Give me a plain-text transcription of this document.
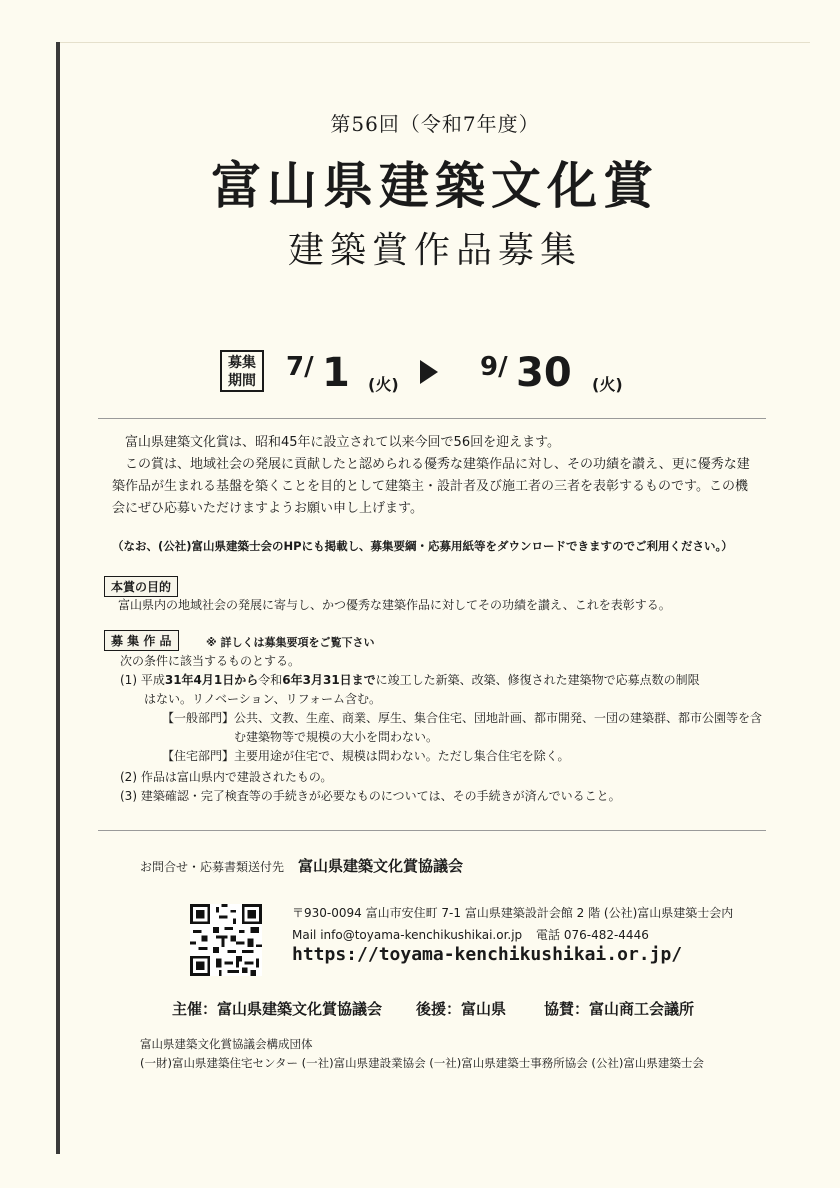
第56回（令和7年度）
富山県建築文化賞
建築賞作品募集
募集
期間 7/ 1 (火)
9/ 30 (火)

富山県建築文化賞は、昭和45年に設立されて以来今回で56回を迎えます。

この賞は、地域社会の発展に貢献したと認められる優秀な建築作品に対し、その功績を讃え、更に優秀な建築作品が生まれる基盤を築くことを目的として建築主・設計者及び施工者の三者を表彰するものです。この機会にぜひ応募いただけますようお願い申し上げます。

（なお、(公社)富山県建築士会のHPにも掲載し、募集要綱・応募用紙等をダウンロードできますのでご利用ください。）
本賞の目的
富山県内の地域社会の発展に寄与し、かつ優秀な建築作品に対してその功績を讃え、これを表彰する。
募 集 作 品	※ 詳しくは募集要項をご覧下さい
次の条件に該当するものとする。
(1) 平成31年4月1日から令和6年3月31日までに竣工した新築、改築、修復された建築物で応募点数の制限
はない。リノベーション、リフォーム含む。
【一般部門】公共、文教、生産、商業、厚生、集合住宅、団地計画、都市開発、一団の建築群、都市公園等を含
む建築物等で規模の大小を問わない。
【住宅部門】主要用途が住宅で、規模は問わない。ただし集合住宅を除く。
(2) 作品は富山県内で建設されたもの。
(3) 建築確認・完了検査等の手続きが必要なものについては、その手続きが済んでいること。
お問合せ・応募書類送付先 富山県建築文化賞協議会
〒930-0094 富山市安住町 7-1 富山県建築設計会館 2 階 (公社)富山県建築士会内
Mail info@toyama-kenchikushikai.or.jp 電話 076-482-4446
https://toyama-kenchikushikai.or.jp/
主催：富山県建築文化賞協議会 後援：富山県	協賛：富山商工会議所
富山県建築文化賞協議会構成団体
(一財)富山県建築住宅センター (一社)富山県建設業協会 (一社)富山県建築士事務所協会 (公社)富山県建築士会
